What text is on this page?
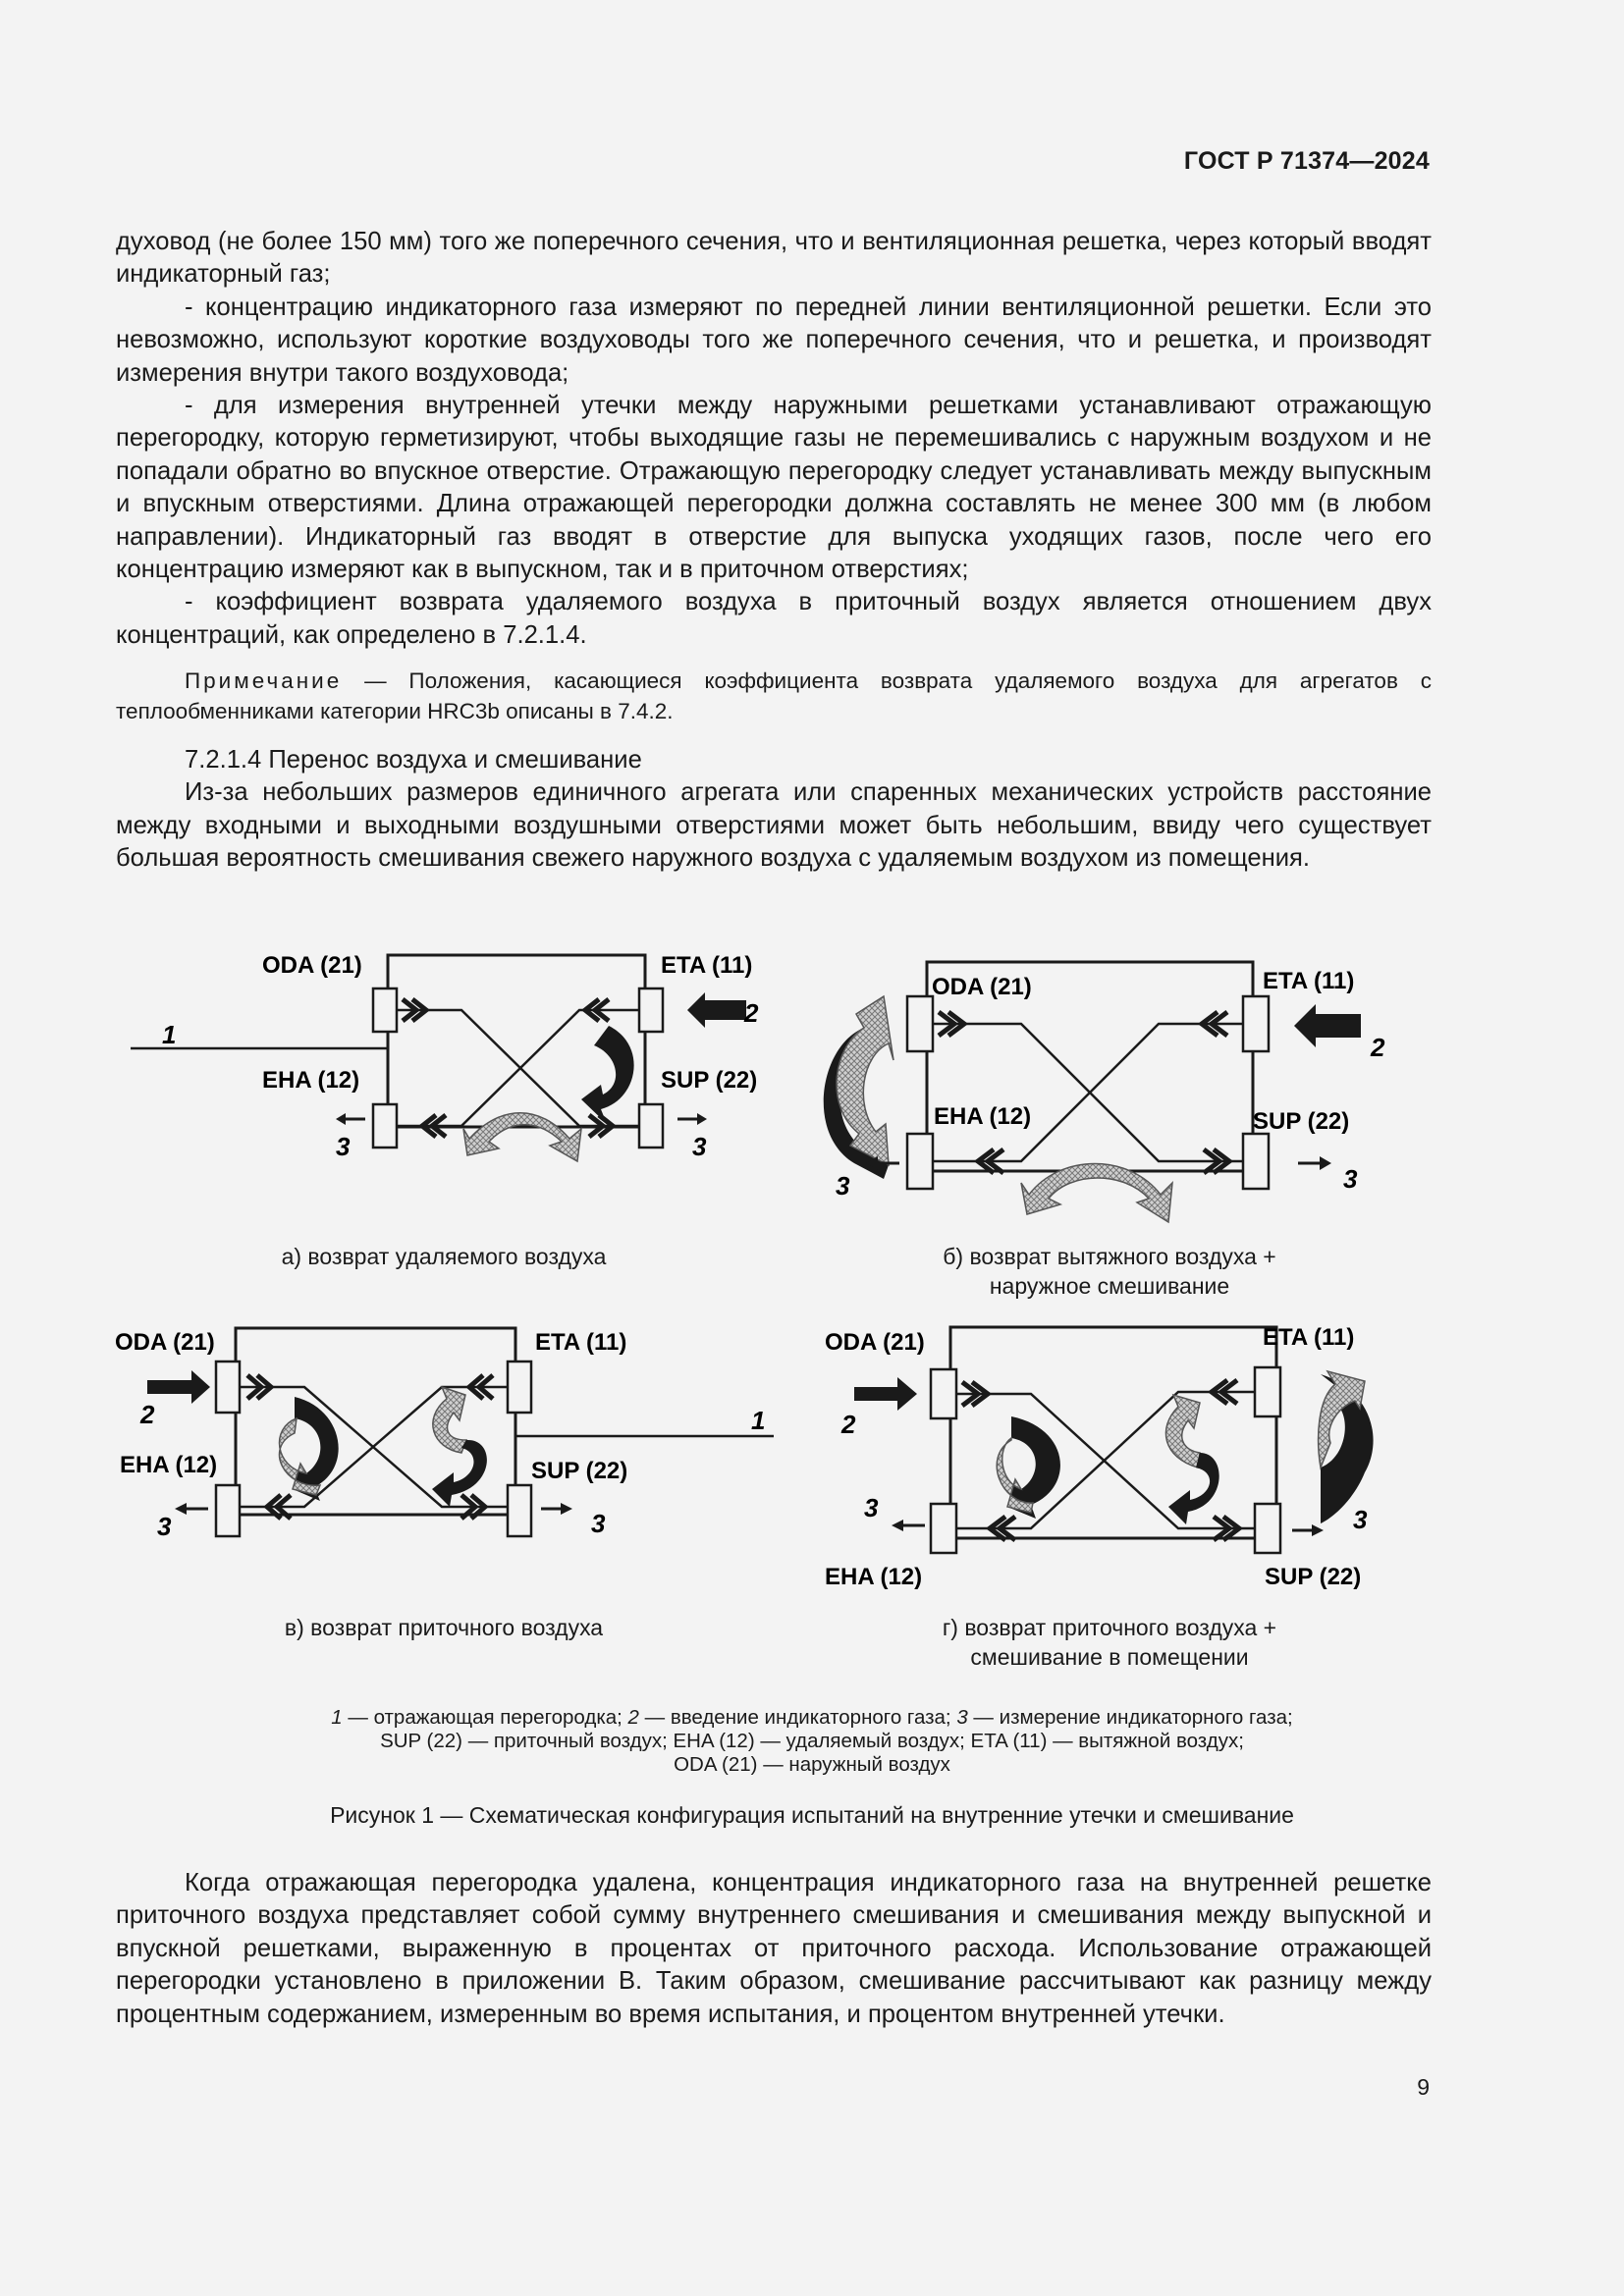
ГОСТ Р 71374—2024

духовод (не более 150 мм) того же поперечного сечения, что и вентиляционная решетка, через который вводят индикаторный газ;

- концентрацию индикаторного газа измеряют по передней линии вентиляционной решетки. Если это невозможно, используют короткие воздуховоды того же поперечного сечения, что и решетка, и производят измерения внутри такого воздуховода;

- для измерения внутренней утечки между наружными решетками устанавливают отражающую перегородку, которую герметизируют, чтобы выходящие газы не перемешивались с наружным воздухом и не попадали обратно во впускное отверстие. Отражающую перегородку следует устанавливать между выпускным и впускным отверстиями. Длина отражающей перегородки должна составлять не менее 300 мм (в любом направлении). Индикаторный газ вводят в отверстие для выпуска уходящих газов, после чего его концентрацию измеряют как в выпускном, так и в приточном отверстиях;

- коэффициент возврата удаляемого воздуха в приточный воздух является отношением двух концентраций, как определено в 7.2.1.4.

Примечание — Положения, касающиеся коэффициента возврата удаляемого воздуха для агрегатов с теплообменниками категории HRC3b описаны в 7.4.2.

7.2.1.4 Перенос воздуха и смешивание

Из-за небольших размеров единичного агрегата или спаренных механических устройств расстояние между входными и выходными воздушными отверстиями может быть небольшим, ввиду чего существует большая вероятность смешивания свежего наружного воздуха с удаляемым воздухом из помещения.

ODA (21)	ETA (11)
EHA (12)	SUP (22)
1
2
3	3
ODA (21)	ETA (11)
EHA (12)	SUP (22)
2
3	3
ODA (21)	ETA (11)
EHA (12)	SUP (22)
1
2
3	3
ODA (21)	ETA (11)
EHA (12)	SUP (22)
2
3	3
а) возврат удаляемого воздуха	б) возврат вытяжного воздуха +
наружное смешивание
в) возврат приточного воздуха	г) возврат приточного воздуха +
смешивание в помещении
1 — отражающая перегородка; 2 — введение индикаторного газа; 3 — измерение индикаторного газа;
SUP (22) — приточный воздух; EHA (12) — удаляемый воздух; ETA (11) — вытяжной воздух;
ODA (21) — наружный воздух
Рисунок 1 — Схематическая конфигурация испытаний на внутренние утечки и смешивание

Когда отражающая перегородка удалена, концентрация индикаторного газа на внутренней решетке приточного воздуха представляет собой сумму внутреннего смешивания и смешивания между выпускной и впускной решетками, выраженную в процентах от приточного расхода. Использование отражающей перегородки установлено в приложении В. Таким образом, смешивание рассчитывают как разницу между процентным содержанием, измеренным во время испытания, и процентом внутренней утечки.

9
